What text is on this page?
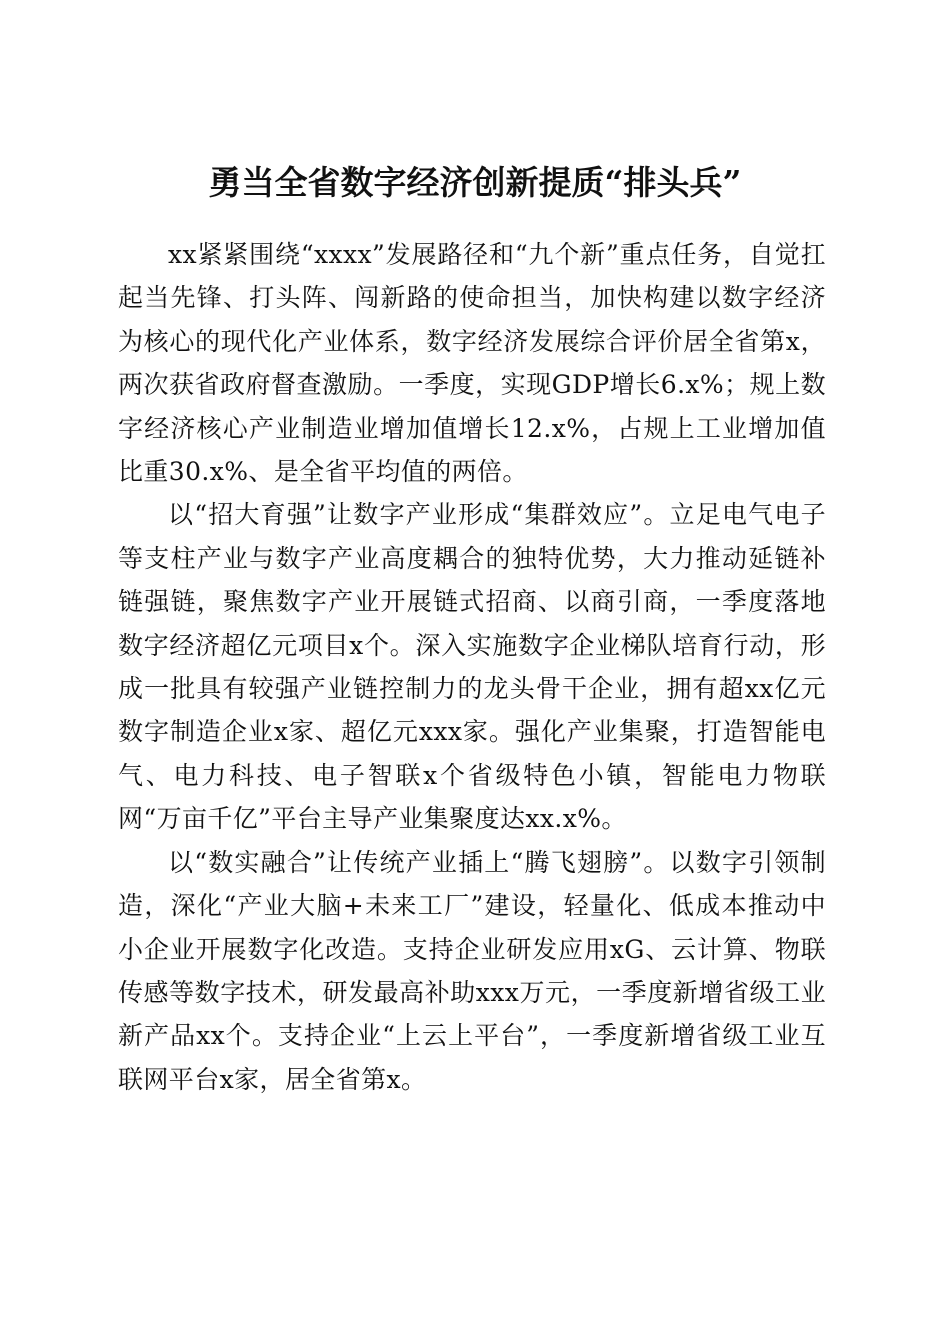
勇当全省数字经济创新提质“排头兵”

xx紧紧围绕“xxxx”发展路径和“九个新”重点任务，自觉扛起当先锋、打头阵、闯新路的使命担当，加快构建以数字经济为核心的现代化产业体系，数字经济发展综合评价居全省第x，两次获省政府督查激励。一季度，实现GDP增长6.x%；规上数字经济核心产业制造业增加值增长12.x%，占规上工业增加值比重30.x%、是全省平均值的两倍。

以“招大育强”让数字产业形成“集群效应”。立足电气电子等支柱产业与数字产业高度耦合的独特优势，大力推动延链补链强链，聚焦数字产业开展链式招商、以商引商，一季度落地数字经济超亿元项目x个。深入实施数字企业梯队培育行动，形成一批具有较强产业链控制力的龙头骨干企业，拥有超xx亿元数字制造企业x家、超亿元xxx家。强化产业集聚，打造智能电气、电力科技、电子智联x个省级特色小镇，智能电力物联网“万亩千亿”平台主导产业集聚度达xx.x%。

以“数实融合”让传统产业插上“腾飞翅膀”。以数字引领制造，深化“产业大脑+未来工厂”建设，轻量化、低成本推动中小企业开展数字化改造。支持企业研发应用xG、云计算、物联传感等数字技术，研发最高补助xxx万元，一季度新增省级工业新产品xx个。支持企业“上云上平台”，一季度新增省级工业互联网平台x家，居全省第x。
